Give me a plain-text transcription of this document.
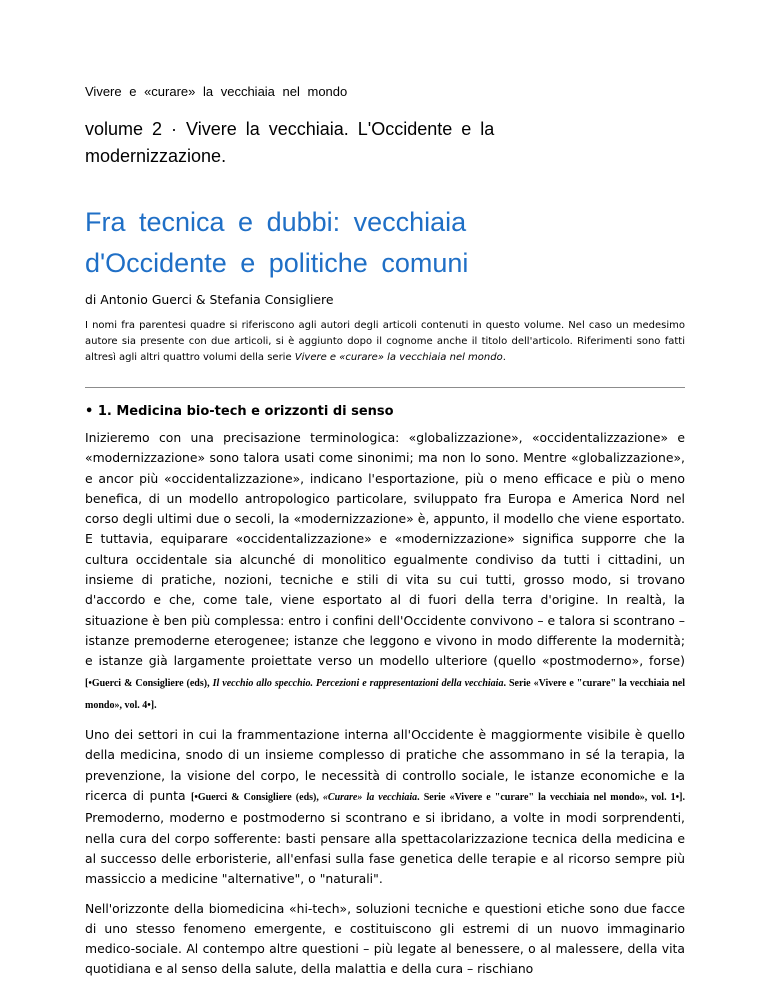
Vivere e «curare» la vecchiaia nel mondo
volume 2 · Vivere la vecchiaia. L'Occidente e la modernizzazione.
Fra tecnica e dubbi: vecchiaia d'Occidente e politiche comuni
di Antonio Guerci & Stefania Consigliere

I nomi fra parentesi quadre si riferiscono agli autori degli articoli contenuti in questo volume. Nel caso un medesimo autore sia presente con due articoli, si è aggiunto dopo il cognome anche il titolo dell'articolo. Riferimenti sono fatti altresì agli altri quattro volumi della serie Vivere e «curare» la vecchiaia nel mondo.

• 1. Medicina bio-tech e orizzonti di senso

Inizieremo con una precisazione terminologica: «globalizzazione», «occidentalizzazione» e «modernizzazione» sono talora usati come sinonimi; ma non lo sono. Mentre «globalizzazione», e ancor più «occidentalizzazione», indicano l'esportazione, più o meno efficace e più o meno benefica, di un modello antropologico particolare, sviluppato fra Europa e America Nord nel corso degli ultimi due o secoli, la «modernizzazione» è, appunto, il modello che viene esportato. E tuttavia, equiparare «occidentalizzazione» e «modernizzazione» significa supporre che la cultura occidentale sia alcunché di monolitico egualmente condiviso da tutti i cittadini, un insieme di pratiche, nozioni, tecniche e stili di vita su cui tutti, grosso modo, si trovano d'accordo e che, come tale, viene esportato al di fuori della terra d'origine. In realtà, la situazione è ben più complessa: entro i confini dell'Occidente convivono – e talora si scontrano – istanze premoderne eterogenee; istanze che leggono e vivono in modo differente la modernità; e istanze già largamente proiettate verso un modello ulteriore (quello «postmoderno», forse) [•Guerci & Consigliere (eds), Il vecchio allo specchio. Percezioni e rappresentazioni della vecchiaia. Serie «Vivere e "curare" la vecchiaia nel mondo», vol. 4•].

Uno dei settori in cui la frammentazione interna all'Occidente è maggiormente visibile è quello della medicina, snodo di un insieme complesso di pratiche che assommano in sé la terapia, la prevenzione, la visione del corpo, le necessità di controllo sociale, le istanze economiche e la ricerca di punta [•Guerci & Consigliere (eds), «Curare» la vecchiaia. Serie «Vivere e "curare" la vecchiaia nel mondo», vol. 1•]. Premoderno, moderno e postmoderno si scontrano e si ibridano, a volte in modi sorprendenti, nella cura del corpo sofferente: basti pensare alla spettacolarizzazione tecnica della medicina e al successo delle erboristerie, all'enfasi sulla fase genetica delle terapie e al ricorso sempre più massiccio a medicine "alternative", o "naturali".

Nell'orizzonte della biomedicina «hi-tech», soluzioni tecniche e questioni etiche sono due facce di uno stesso fenomeno emergente, e costituiscono gli estremi di un nuovo immaginario medico-sociale. Al contempo altre questioni – più legate al benessere, o al malessere, della vita quotidiana e al senso della salute, della malattia e della cura – rischiano
